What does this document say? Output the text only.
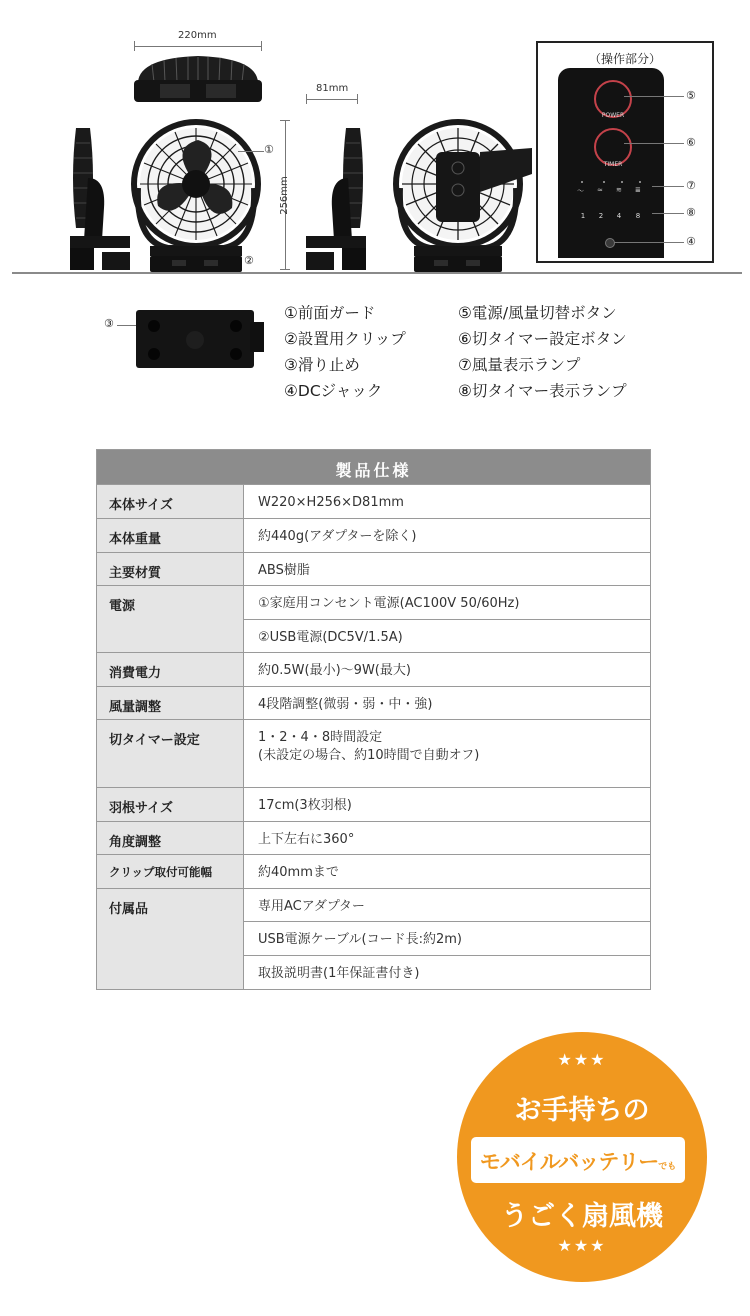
220mm
①
②
256mm
81mm
（操作部分）
POWER
TIMER
～ ≈ ≋ ≣
1	2	4	8
⑤
⑥
⑦
⑧
④
③
①前面ガード
②設置用クリップ
③滑り止め
④DCジャック
⑤電源/風量切替ボタン
⑥切タイマー設定ボタン
⑦風量表示ランプ
⑧切タイマー表示ランプ
製品仕様	
本体サイズ	W220×H256×D81mm
本体重量	約440g(アダプターを除く)
主要材質	ABS樹脂
電源	①家庭用コンセント電源(AC100V 50/60Hz)
	②USB電源(DC5V/1.5A)
消費電力	約0.5W(最小)～9W(最大)
風量調整	4段階調整(微弱・弱・中・強)
切タイマー設定	1・2・4・8時間設定
(未設定の場合、約10時間で自動オフ)

羽根サイズ	17cm(3枚羽根)
角度調整	上下左右に360°
クリップ取付可能幅	約40mmまで
付属品	専用ACアダプター
	USB電源ケーブル(コード長:約2m)
	取扱説明書(1年保証書付き)
★★★
お手持ちの
モバイルバッテリーでも
うごく扇風機
★★★
